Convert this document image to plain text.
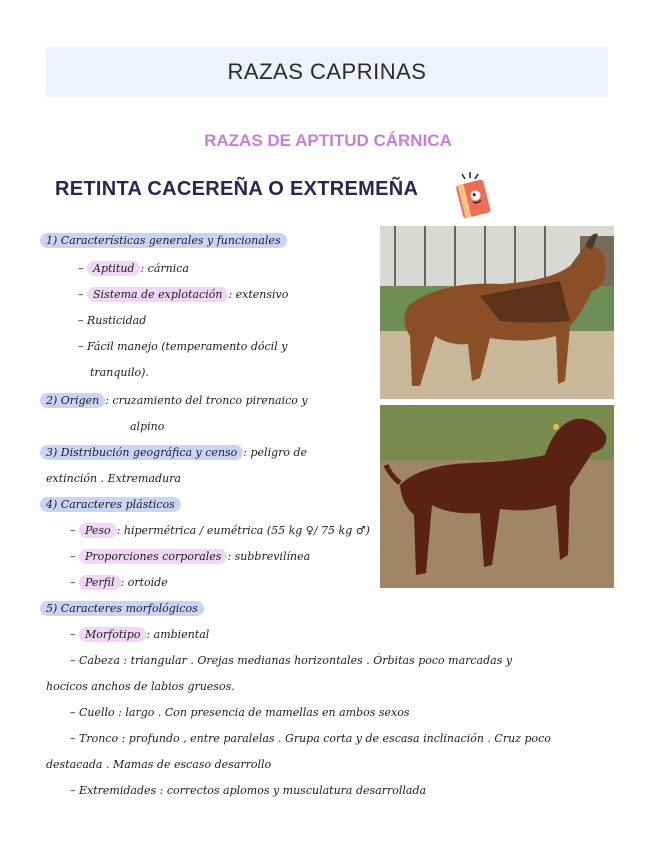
RAZAS CAPRINAS
RAZAS DE APTITUD CÁRNICA
RETINTA CACEREÑA O EXTREMEÑA
1) Características generales y funcionales
– Aptitud : cárnica
– Sistema de explotación : extensivo
– Rusticidad
– Fácil manejo (temperamento dócil y
tranquilo).
2) Origen : cruzamiento del tronco pirenaico y
alpino
3) Distribución geográfica y censo : peligro de
extinción . Extremadura
4) Caracteres plásticos
– Peso : hipermétrica / eumétrica (55 kg ♀/ 75 kg ♂)
– Proporciones corporales : subbrevilínea
– Perfil : ortoide
5) Caracteres morfológicos
– Morfotipo : ambiental
– Cabeza : triangular . Orejas medianas horizontales . Órbitas poco marcadas y
hocicos anchos de labios gruesos.
– Cuello : largo . Con presencia de mamellas en ambos sexos
– Tronco : profundo , entre paralelas . Grupa corta y de escasa inclinación . Cruz poco
destacada . Mamas de escaso desarrollo
– Extremidades : correctos aplomos y musculatura desarrollada
